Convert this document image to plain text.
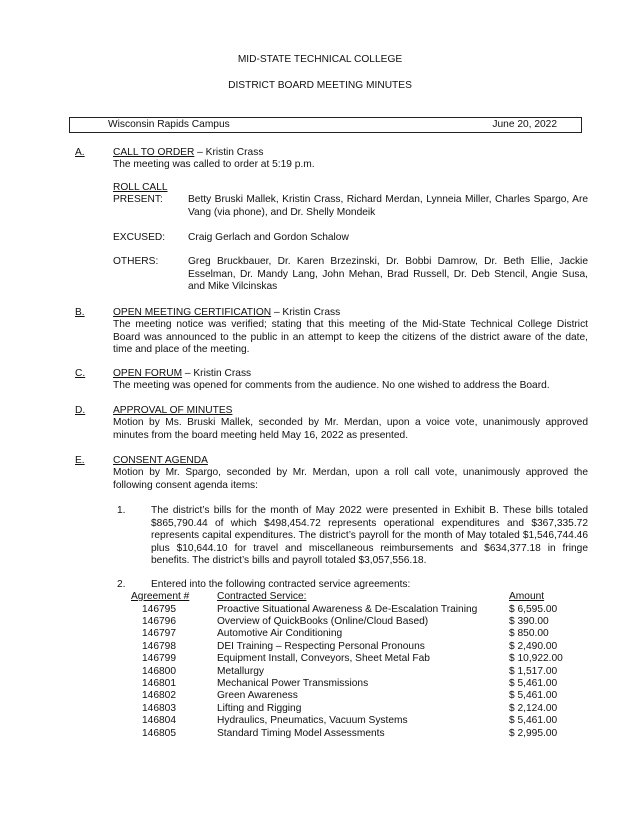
MID-STATE TECHNICAL COLLEGE
DISTRICT BOARD MEETING MINUTES
Wisconsin Rapids Campus	June 20, 2022
A.	CALL TO ORDER – Kristin Crass
The meeting was called to order at 5:19 p.m.
ROLL CALL
PRESENT: Betty Bruski Mallek, Kristin Crass, Richard Merdan, Lynneia Miller, Charles Spargo, Are Vang (via phone), and Dr. Shelly Mondeik
EXCUSED: Craig Gerlach and Gordon Schalow
OTHERS:	Greg Bruckbauer, Dr. Karen Brzezinski, Dr. Bobbi Damrow, Dr. Beth Ellie, Jackie Esselman, Dr. Mandy Lang, John Mehan, Brad Russell, Dr. Deb Stencil, Angie Susa, and Mike Vilcinskas
B.	OPEN MEETING CERTIFICATION – Kristin Crass
The meeting notice was verified; stating that this meeting of the Mid-State Technical College District Board was announced to the public in an attempt to keep the citizens of the district aware of the date, time and place of the meeting.
C.	OPEN FORUM – Kristin Crass
The meeting was opened for comments from the audience. No one wished to address the Board.
D.	APPROVAL OF MINUTES
Motion by Ms. Bruski Mallek, seconded by Mr. Merdan, upon a voice vote, unanimously approved minutes from the board meeting held May 16, 2022 as presented.
E.	CONSENT AGENDA
Motion by Mr. Spargo, seconded by Mr. Merdan, upon a roll call vote, unanimously approved the following consent agenda items:
1.	The district’s bills for the month of May 2022 were presented in Exhibit B. These bills totaled $865,790.44 of which $498,454.72 represents operational expenditures and $367,335.72 represents capital expenditures. The district’s payroll for the month of May totaled $1,546,744.46 plus $10,644.10 for travel and miscellaneous reimbursements and $634,377.18 in fringe benefits. The district’s bills and payroll totaled $3,057,556.18.
2.	Entered into the following contracted service agreements:
Agreement #	Contracted Service:	Amount
146795	Proactive Situational Awareness & De-Escalation Training	$ 6,595.00
146796	Overview of QuickBooks (Online/Cloud Based)	$ 390.00
146797	Automotive Air Conditioning	$ 850.00
146798	DEI Training – Respecting Personal Pronouns	$ 2,490.00
146799	Equipment Install, Conveyors, Sheet Metal Fab	$ 10,922.00
146800	Metallurgy	$ 1,517.00
146801	Mechanical Power Transmissions	$ 5,461.00
146802	Green Awareness	$ 5,461.00
146803	Lifting and Rigging	$ 2,124.00
146804	Hydraulics, Pneumatics, Vacuum Systems	$ 5,461.00
146805	Standard Timing Model Assessments	$ 2,995.00
